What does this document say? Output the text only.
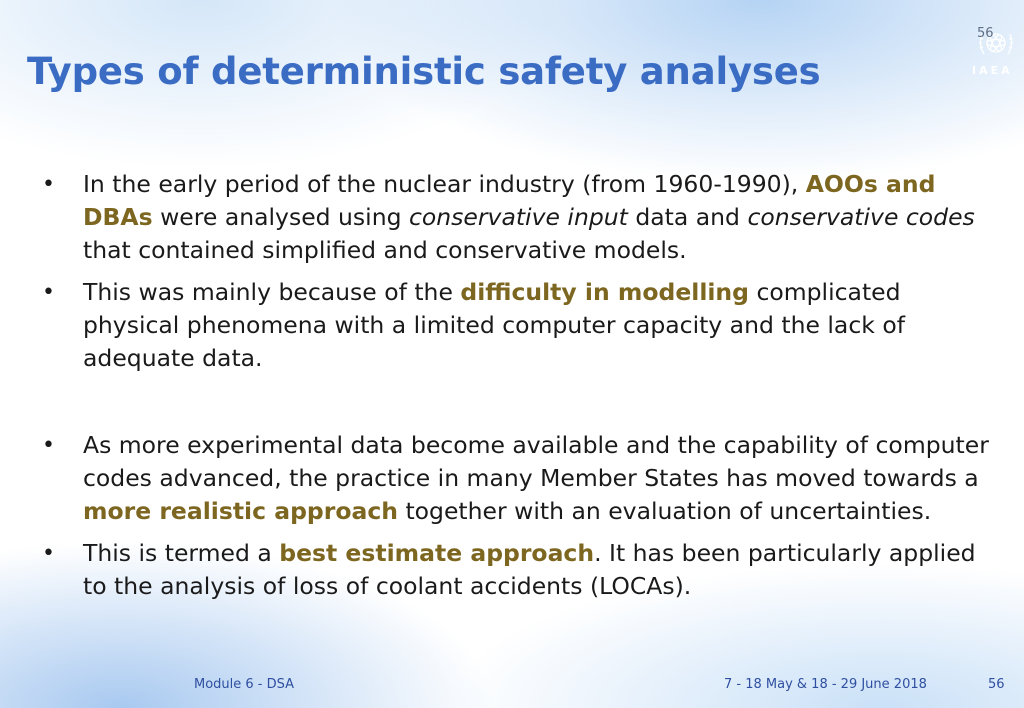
Types of deterministic safety analyses	IAEA
56
• In the early period of the nuclear industry (from 1960-1990), AOOs and DBAs were analysed using conservative input data and conservative codes that contained simplified and conservative models.
• This was mainly because of the difficulty in modelling complicated physical phenomena with a limited computer capacity and the lack of adequate data.
• As more experimental data become available and the capability of computer codes advanced, the practice in many Member States has moved towards a more realistic approach together with an evaluation of uncertainties.
• This is termed a best estimate approach. It has been particularly applied to the analysis of loss of coolant accidents (LOCAs).
Module 6 - DSA	7 - 18 May & 18 - 29 June 2018	56
